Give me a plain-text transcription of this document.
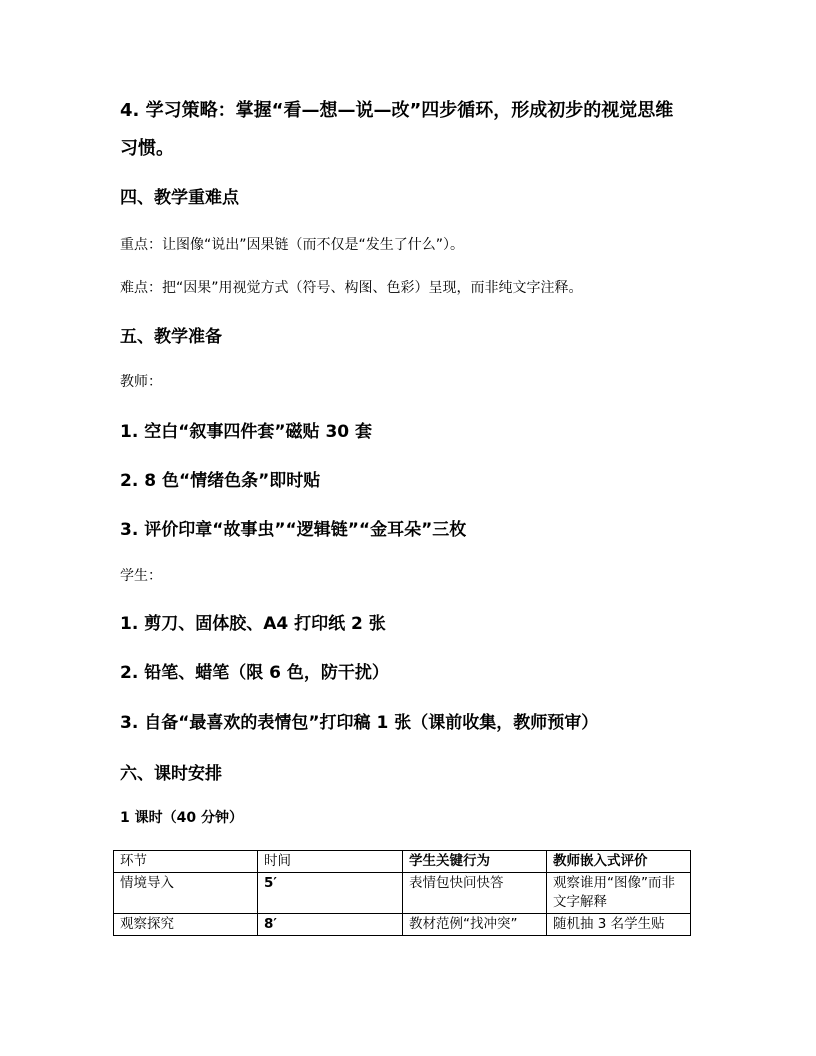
4. 学习策略：掌握“看—想—说—改”四步循环，形成初步的视觉思维
习惯。
四、教学重难点
重点：让图像“说出”因果链（而不仅是“发生了什么”）。
难点：把“因果”用视觉方式（符号、构图、色彩）呈现，而非纯文字注释。
五、教学准备
教师：
1. 空白“叙事四件套”磁贴 30 套
2. 8 色“情绪色条”即时贴
3. 评价印章“故事虫”“逻辑链”“金耳朵”三枚
学生：
1. 剪刀、固体胶、A4 打印纸 2 张
2. 铅笔、蜡笔（限 6 色，防干扰）
3. 自备“最喜欢的表情包”打印稿 1 张（课前收集，教师预审）
六、课时安排
1 课时（40 分钟）
环节	时间	学生关键行为	教师嵌入式评价
情境导入	5′	表情包快问快答	观察谁用“图像”而非文字解释
观察探究	8′	教材范例“找冲突”	随机抽 3 名学生贴
